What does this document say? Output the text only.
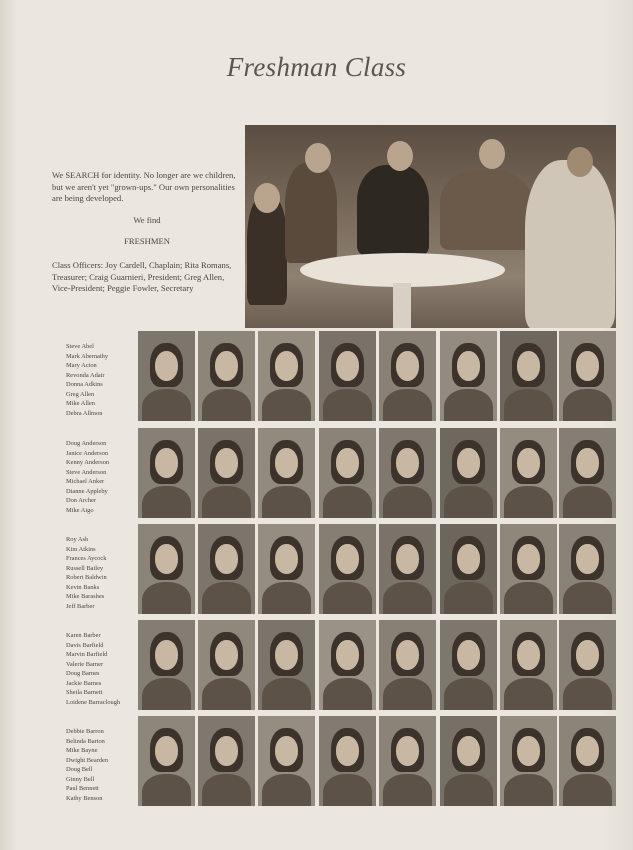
Freshman Class

We SEARCH for identity. No longer are we children, but we aren't yet "grown-ups." Our own personalities are being developed.

We find

FRESHMEN

Class Officers: Joy Cardell, Chaplain; Rita Romans, Treasurer; Craig Guarnieri, President; Greg Allen, Vice-President; Peggie Fowler, Secretary

Steve Abel
Mark Abernathy
Mary Acton
Revonda Adair
Donna Adkins
Greg Allen
Mike Allen
Debra Allmon
Doug Anderson
Janice Anderson
Kenny Anderson
Steve Anderson
Michael Anker
Dianne Appleby
Don Archer
Mike Aigo
Roy Ash
Kim Atkins
Frances Aycock
Russell Bailey
Robert Baldwin
Kevin Banks
Mike Barashes
Jeff Barber
Karen Barber
Davis Barfield
Marvin Barfield
Valerie Barner
Doug Barnes
Jackie Barnes
Sheila Barnett
Loidene Barraclough
Debbie Barron
Belinda Barton
Mike Bayne
Dwight Bearden
Doug Bell
Ginny Bell
Paul Bennett
Kathy Benson
